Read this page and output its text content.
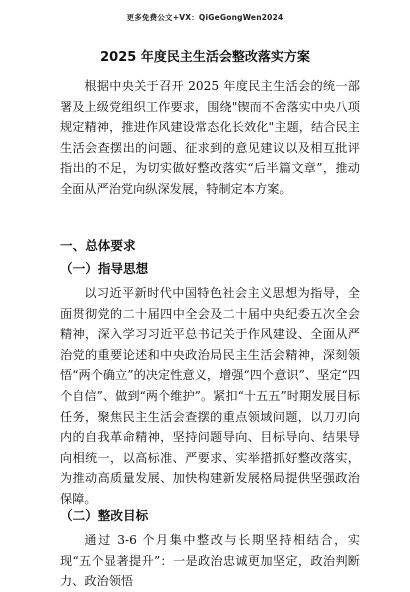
更多免费公文+VX：QiGeGongWen2024
2025 年度民主生活会整改落实方案

根据中央关于召开 2025 年度民主生活会的统一部署及上级党组织工作要求，围绕"锲而不舍落实中央八项规定精神，推进作风建设常态化长效化"主题，结合民主生活会查摆出的问题、征求到的意见建议以及相互批评指出的不足，为切实做好整改落实“后半篇文章”，推动全面从严治党向纵深发展，特制定本方案。

一、总体要求

（一）指导思想

以习近平新时代中国特色社会主义思想为指导，全面贯彻党的二十届四中全会及二十届中央纪委五次全会精神，深入学习习近平总书记关于作风建设、全面从严治党的重要论述和中央政治局民主生活会精神，深刻领悟“两个确立”的决定性意义，增强“四个意识”、坚定“四个自信”、做到“两个维护”。紧扣“十五五”时期发展目标任务，聚焦民主生活会查摆的重点领域问题，以刀刃向内的自我革命精神，坚持问题导向、目标导向、结果导向相统一，以高标准、严要求、实举措抓好整改落实，为推动高质量发展、加快构建新发展格局提供坚强政治保障。

（二）整改目标

通过 3-6 个月集中整改与长期坚持相结合，实现“五个显著提升”：一是政治忠诚更加坚定，政治判断力、政治领悟
